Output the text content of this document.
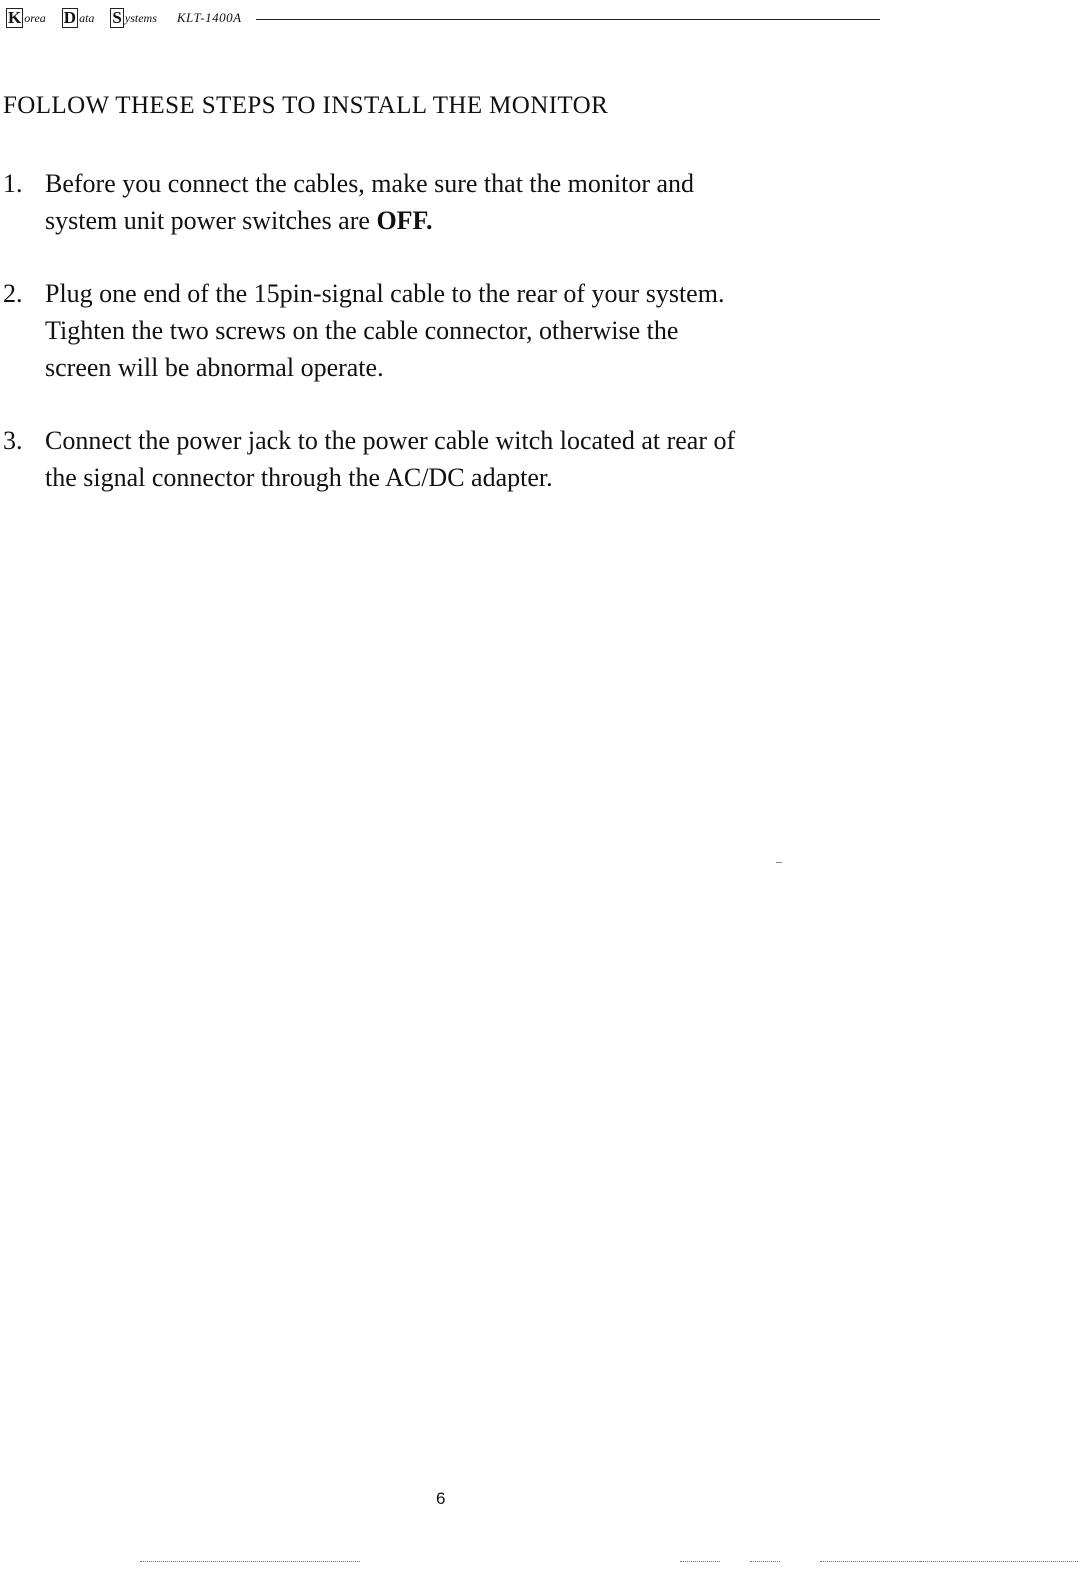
K orea D ata S ystems KLT-1400A
FOLLOW THESE STEPS TO INSTALL THE MONITOR
1. Before you connect the cables, make sure that the monitor and
system unit power switches are OFF.
2. Plug one end of the 15pin-signal cable to the rear of your system.
Tighten the two screws on the cable connector, otherwise the
screen will be abnormal operate.
3. Connect the power jack to the power cable witch located at rear of
the signal connector through the AC/DC adapter.
6
